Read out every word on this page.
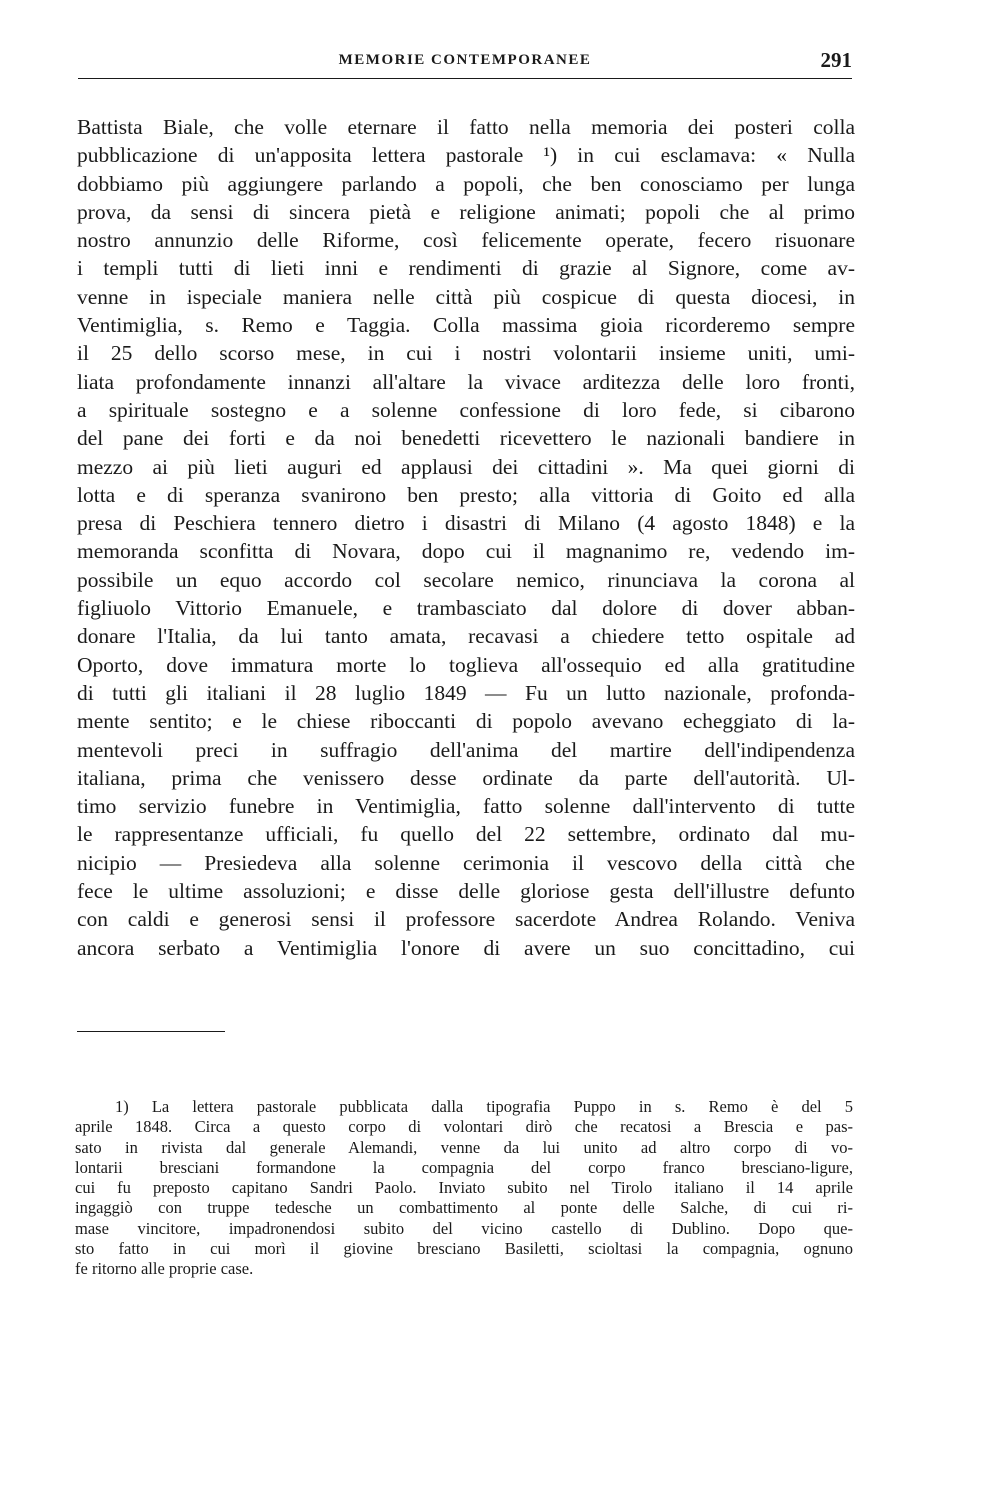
MEMORIE CONTEMPORANEE	291
Battista Biale, che volle eternare il fatto nella memoria dei posteri colla
pubblicazione di un'apposita lettera pastorale ¹) in cui esclamava: « Nulla
dobbiamo più aggiungere parlando a popoli, che ben conosciamo per lunga
prova, da sensi di sincera pietà e religione animati; popoli che al primo
nostro annunzio delle Riforme, così felicemente operate, fecero risuonare
i templi tutti di lieti inni e rendimenti di grazie al Signore, come av-
venne in ispeciale maniera nelle città più cospicue di questa diocesi, in
Ventimiglia, s. Remo e Taggia. Colla massima gioia ricorderemo sempre
il 25 dello scorso mese, in cui i nostri volontarii insieme uniti, umi-
liata profondamente innanzi all'altare la vivace arditezza delle loro fronti,
a spirituale sostegno e a solenne confessione di loro fede, si cibarono
del pane dei forti e da noi benedetti ricevettero le nazionali bandiere in
mezzo ai più lieti auguri ed applausi dei cittadini ». Ma quei giorni di
lotta e di speranza svanirono ben presto; alla vittoria di Goito ed alla
presa di Peschiera tennero dietro i disastri di Milano (4 agosto 1848) e la
memoranda sconfitta di Novara, dopo cui il magnanimo re, vedendo im-
possibile un equo accordo col secolare nemico, rinunciava la corona al
figliuolo Vittorio Emanuele, e trambasciato dal dolore di dover abban-
donare l'Italia, da lui tanto amata, recavasi a chiedere tetto ospitale ad
Oporto, dove immatura morte lo toglieva all'ossequio ed alla gratitudine
di tutti gli italiani il 28 luglio 1849 — Fu un lutto nazionale, profonda-
mente sentito; e le chiese riboccanti di popolo avevano echeggiato di la-
mentevoli preci in suffragio dell'anima del martire dell'indipendenza
italiana, prima che venissero desse ordinate da parte dell'autorità. Ul-
timo servizio funebre in Ventimiglia, fatto solenne dall'intervento di tutte
le rappresentanze ufficiali, fu quello del 22 settembre, ordinato dal mu-
nicipio — Presiedeva alla solenne cerimonia il vescovo della città che
fece le ultime assoluzioni; e disse delle gloriose gesta dell'illustre defunto
con caldi e generosi sensi il professore sacerdote Andrea Rolando. Veniva
ancora serbato a Ventimiglia l'onore di avere un suo concittadino, cui
1) La lettera pastorale pubblicata dalla tipografia Puppo in s. Remo è del 5
aprile 1848. Circa a questo corpo di volontari dirò che recatosi a Brescia e pas-
sato in rivista dal generale Alemandi, venne da lui unito ad altro corpo di vo-
lontarii bresciani formandone la compagnia del corpo franco bresciano-ligure,
cui fu preposto capitano Sandri Paolo. Inviato subito nel Tirolo italiano il 14 aprile
ingaggiò con truppe tedesche un combattimento al ponte delle Salche, di cui ri-
mase vincitore, impadronendosi subito del vicino castello di Dublino. Dopo que-
sto fatto in cui morì il giovine bresciano Basiletti, scioltasi la compagnia, ognuno
fe ritorno alle proprie case.
